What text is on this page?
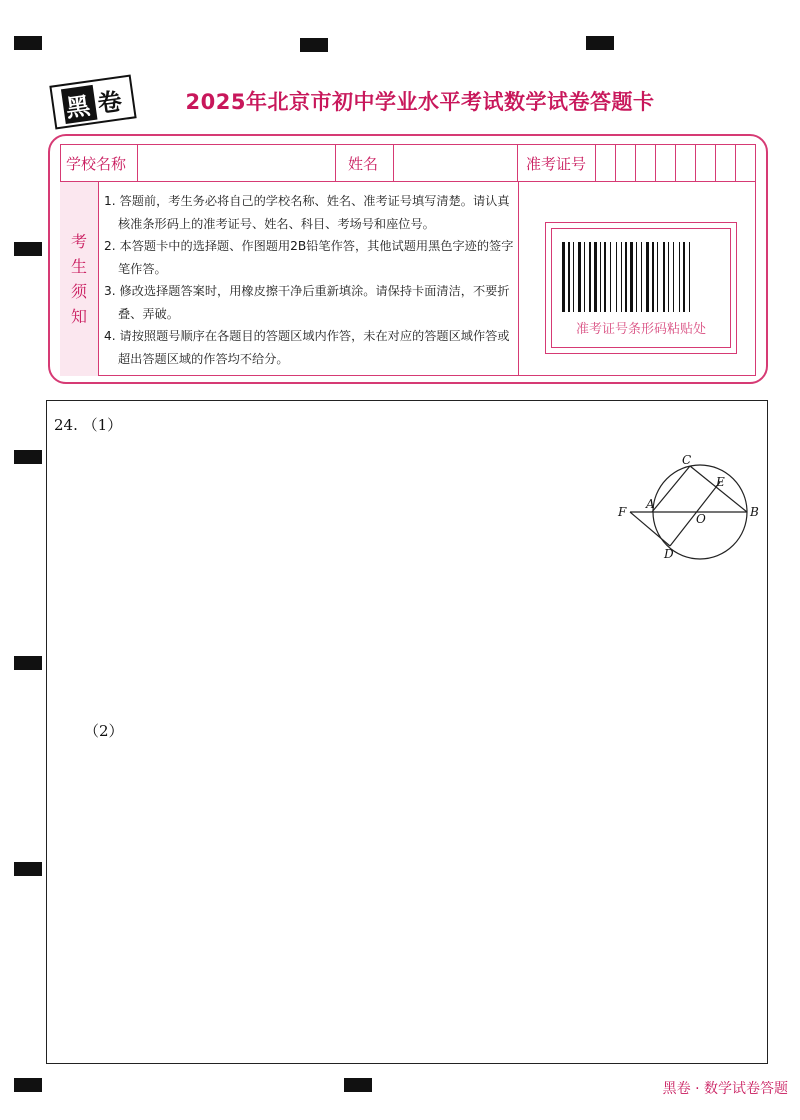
黑 卷	2025年北京市初中学业水平考试数学试卷答题卡
学校名称	姓名	准考证号
考
生
须
知
1. 答题前，考生务必将自己的学校名称、姓名、准考证号填写清楚。请认真核准条形码上的准考证号、姓名、科目、考场号和座位号。
2. 本答题卡中的选择题、作图题用2B铅笔作答，其他试题用黑色字迹的签字笔作答。
3. 修改选择题答案时，用橡皮擦干净后重新填涂。请保持卡面清洁，不要折叠、弄破。
4. 请按照题号顺序在各题目的答题区域内作答，未在对应的答题区域作答或超出答题区域的作答均不给分。
准考证号条形码粘贴处
24. （1）
（2）
C
E
F
A
O	B
D
黑卷 · 数学试卷答题
